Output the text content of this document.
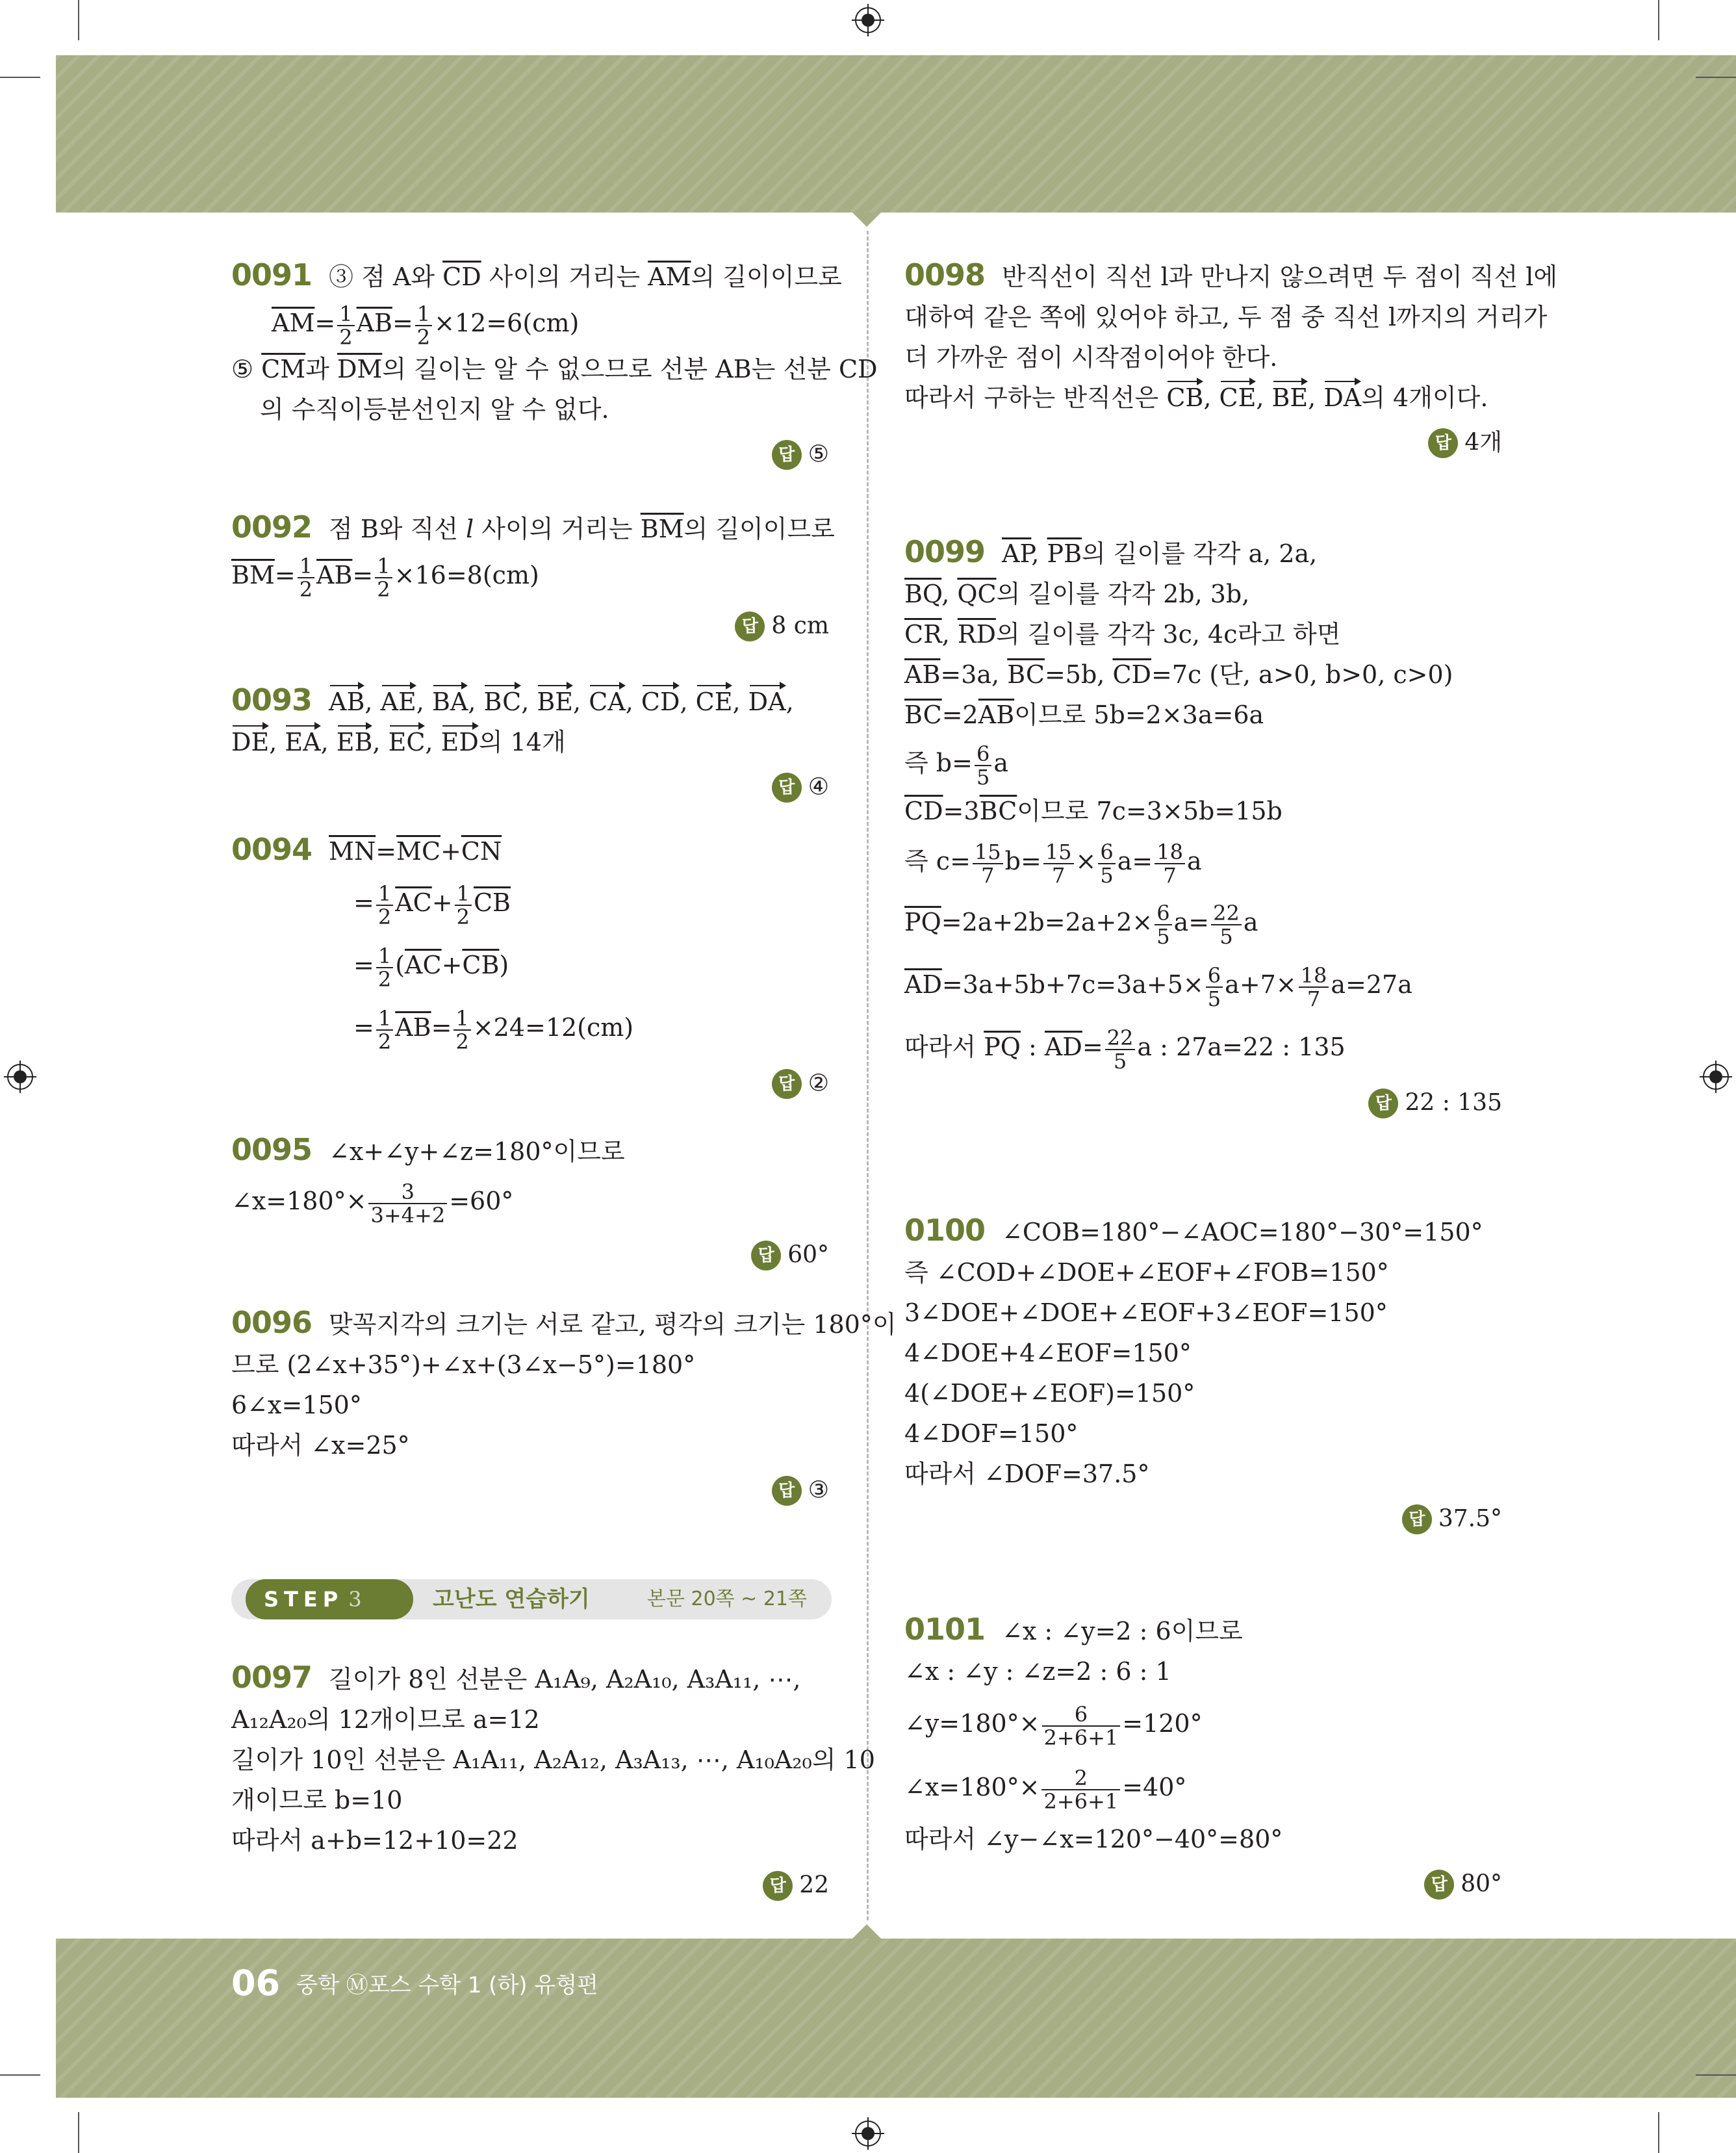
0091 ③ 점 A와 $\overline{CD}$ 사이의 거리는 $\overline{AM}$의 길이이므로
$\overline{AM}= \frac{1}{2} \overline{AB}= \frac{1}{2} \times 12=6(cm)$
⑤ $\overline{CM}$과 $\overline{DM}$의 길이는 알 수 없으므로 선분 AB는 선분 CD
의 수직이등분선인지 알 수 없다.
답 ⑤
0092 점 B와 직선 l 사이의 거리는 $\overline{BM}$의 길이이므로
$\overline{BM}= \frac{1}{2} \overline{AB}= \frac{1}{2} \times 16=8(cm)$
답 8 cm
0093 AB, AE, BA, BC, BE, CA, CD, CE, DA,
DE, EA, EB, EC, ED의 14개
답 ④
0094 $\overline{MN}=\overline{MC}+\overline{CN}$
= $\frac{1}{2} \overline{AC}+ \frac{1}{2} \overline{CB}$
= $\frac{1}{2} (\overline{AC}+\overline{CB})$
= $\frac{1}{2} \overline{AB}= \frac{1}{2} \times 24=12(cm)$
답 ②
0095 ∠x+∠y+∠z=180°이므로
∠x=180°× $\frac{3}{3+4+2} =60^\circ$
답 60°
0096 맞꼭지각의 크기는 서로 같고, 평각의 크기는 180°이
므로 (2∠x+35°)+∠x+(3∠x−5°)=180°
6∠x=150°
따라서 ∠x=25°
답 ③
STEP 3	고난도 연습하기	본문 20쪽 ~ 21쪽
0097 길이가 8인 선분은 A₁A₉, A₂A₁₀, A₃A₁₁, ⋯,
A₁₂A₂₀의 12개이므로 a=12
길이가 10인 선분은 A₁A₁₁, A₂A₁₂, A₃A₁₃, ⋯, A₁₀A₂₀의 10
개이므로 b=10
따라서 a+b=12+10=22
답 22
0098 반직선이 직선 l과 만나지 않으려면 두 점이 직선 l에
대하여 같은 쪽에 있어야 하고, 두 점 중 직선 l까지의 거리가
더 가까운 점이 시작점이어야 한다.
따라서 구하는 반직선은 CB, CE, BE, DA의 4개이다.
답 4개
0099 $\overline{AP}$, $\overline{PB}$의 길이를 각각 a, 2a,
$\overline{BQ}$, $\overline{QC}$의 길이를 각각 2b, 3b,
$\overline{CR}$, $\overline{RD}$의 길이를 각각 3c, 4c라고 하면
$\overline{AB}=3a$, $\overline{BC}=5b$, $\overline{CD}=7c$ (단, a>0, b>0, c>0)
$\overline{BC}=2\overline{AB}$이므로 5b=2×3a=6a
즉 $b= \frac{6}{5}$ a
$\overline{CD}=3\overline{BC}$이므로 7c=3×5b=15b
즉 $c= \frac{15}{7} b= \frac{15}{7} \times \frac{6}{5} a= \frac{18}{7}$ a
$\overline{PQ}=2a+2b=2a+2\times \frac{6}{5} a= \frac{22}{5}$ a
$\overline{AD}=3a+5b+7c=3a+5\times \frac{6}{5} a+7\times \frac{18}{7} a=27a$
따라서 $\overline{PQ}$ : $\overline{AD}= \frac{22}{5}$ a : 27a=22 : 135
답 22 : 135
0100 ∠COB=180°−∠AOC=180°−30°=150°
즉 ∠COD+∠DOE+∠EOF+∠FOB=150°
3∠DOE+∠DOE+∠EOF+3∠EOF=150°
4∠DOE+4∠EOF=150°
4(∠DOE+∠EOF)=150°
4∠DOF=150°
따라서 ∠DOF=37.5°
답 37.5°
0101 ∠x : ∠y=2 : 6이므로
∠x : ∠y : ∠z=2 : 6 : 1
∠y=180°× $\frac{6}{2+6+1} =120^\circ$
∠x=180°× $\frac{2}{2+6+1} =40^\circ$
따라서 ∠y−∠x=120°−40°=80°
답 80°
06 중학 Ⓜ포스 수학 1 (하) 유형편
